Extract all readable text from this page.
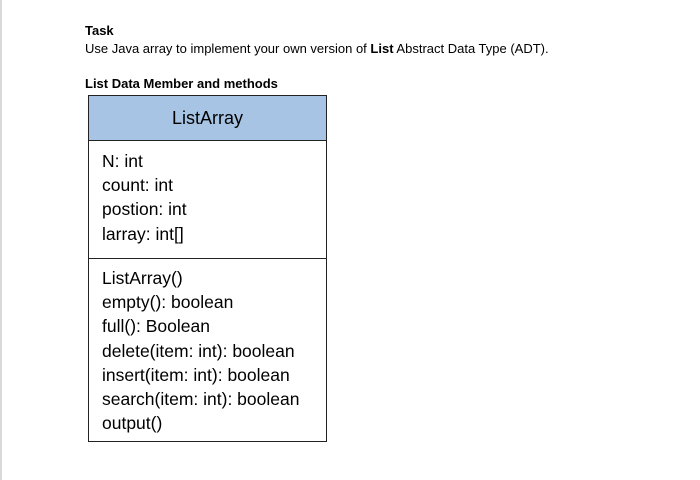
Task
Use Java array to implement your own version of List Abstract Data Type (ADT).
List Data Member and methods
ListArray
N: int
count: int
postion: int
larray: int[]
ListArray()
empty(): boolean
full(): Boolean
delete(item: int): boolean
insert(item: int): boolean
search(item: int): boolean
output()
